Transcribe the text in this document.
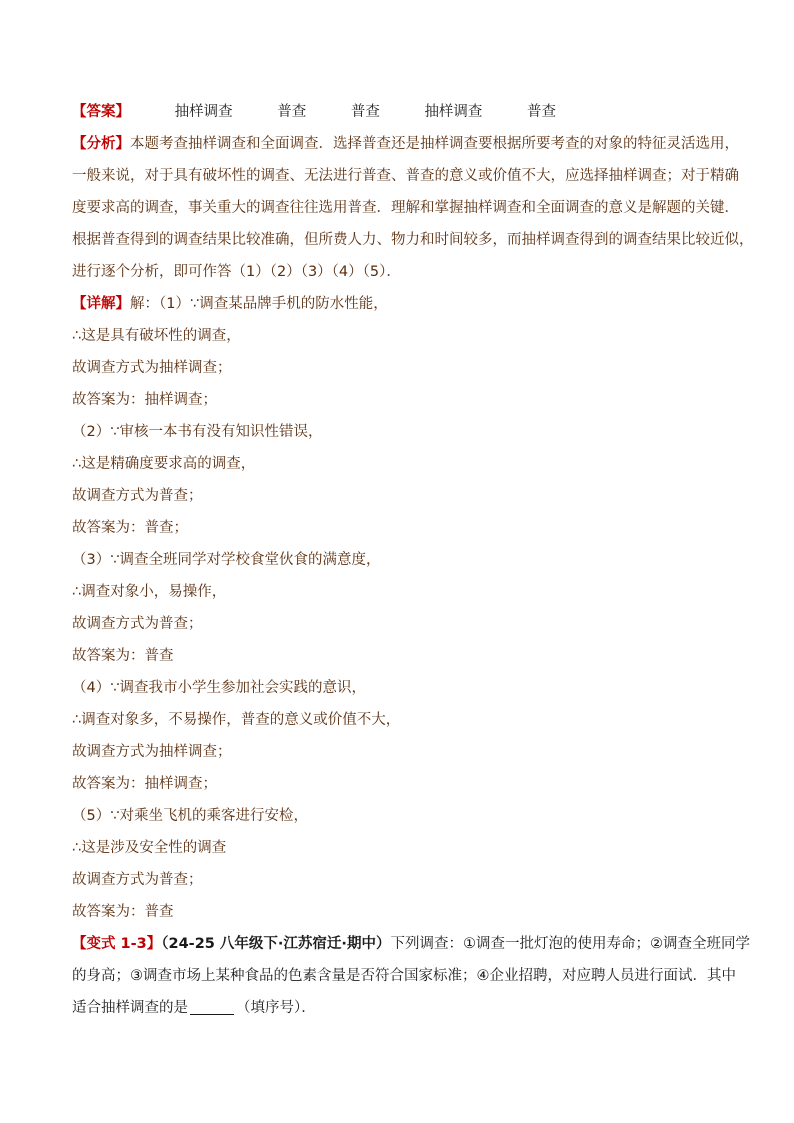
【答案】	抽样调查	普查	普查	抽样调查	普查
【分析】本题考查抽样调查和全面调查．选择普查还是抽样调查要根据所要考查的对象的特征灵活选用，
一般来说，对于具有破坏性的调查、无法进行普查、普查的意义或价值不大，应选择抽样调查；对于精确
度要求高的调查，事关重大的调查往往选用普查．理解和掌握抽样调查和全面调查的意义是解题的关键．
根据普查得到的调查结果比较准确，但所费人力、物力和时间较多，而抽样调查得到的调查结果比较近似，
进行逐个分析，即可作答（1）（2）（3）（4）（5）．
【详解】解：（1）∵调查某品牌手机的防水性能，
∴这是具有破坏性的调查，
故调查方式为抽样调查；
故答案为：抽样调查；
（2）∵审核一本书有没有知识性错误，
∴这是精确度要求高的调查，
故调查方式为普查；
故答案为：普查；
（3）∵调查全班同学对学校食堂伙食的满意度，
∴调查对象小，易操作，
故调查方式为普查；
故答案为：普查
（4）∵调查我市小学生参加社会实践的意识，
∴调查对象多，不易操作，普查的意义或价值不大，
故调查方式为抽样调查；
故答案为：抽样调查；
（5）∵对乘坐飞机的乘客进行安检，
∴这是涉及安全性的调查
故调查方式为普查；
故答案为：普查
【变式 1-3】（24-25 八年级下·江苏宿迁·期中）下列调查：①调查一批灯泡的使用寿命；②调查全班同学
的身高；③调查市场上某种食品的色素含量是否符合国家标准；④企业招聘，对应聘人员进行面试．其中
适合抽样调查的是	（填序号）．
